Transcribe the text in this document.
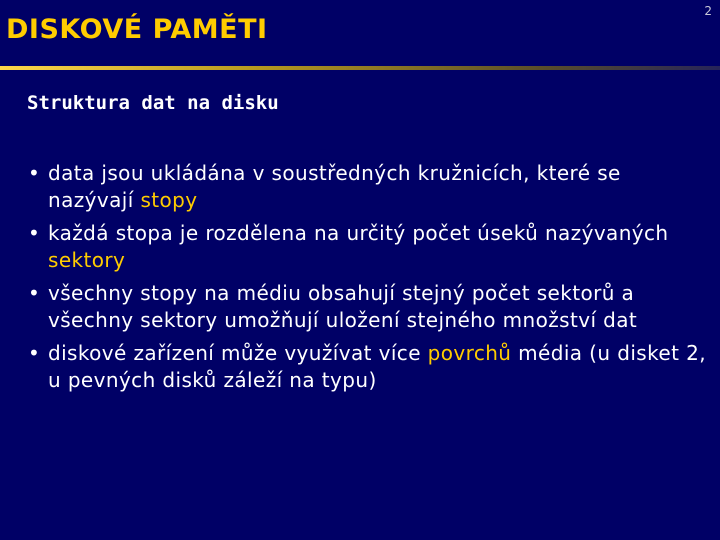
2
DISKOVÉ PAMĚTI
Struktura dat na disku
• data jsou ukládána v soustředných kružnicích, které se nazývají stopy
• každá stopa je rozdělena na určitý počet úseků nazývaných sektory
• všechny stopy na médiu obsahují stejný počet sektorů a všechny sektory umožňují uložení stejného množství dat
• diskové zařízení může využívat více povrchů média (u disket 2, u pevných disků záleží na typu)
